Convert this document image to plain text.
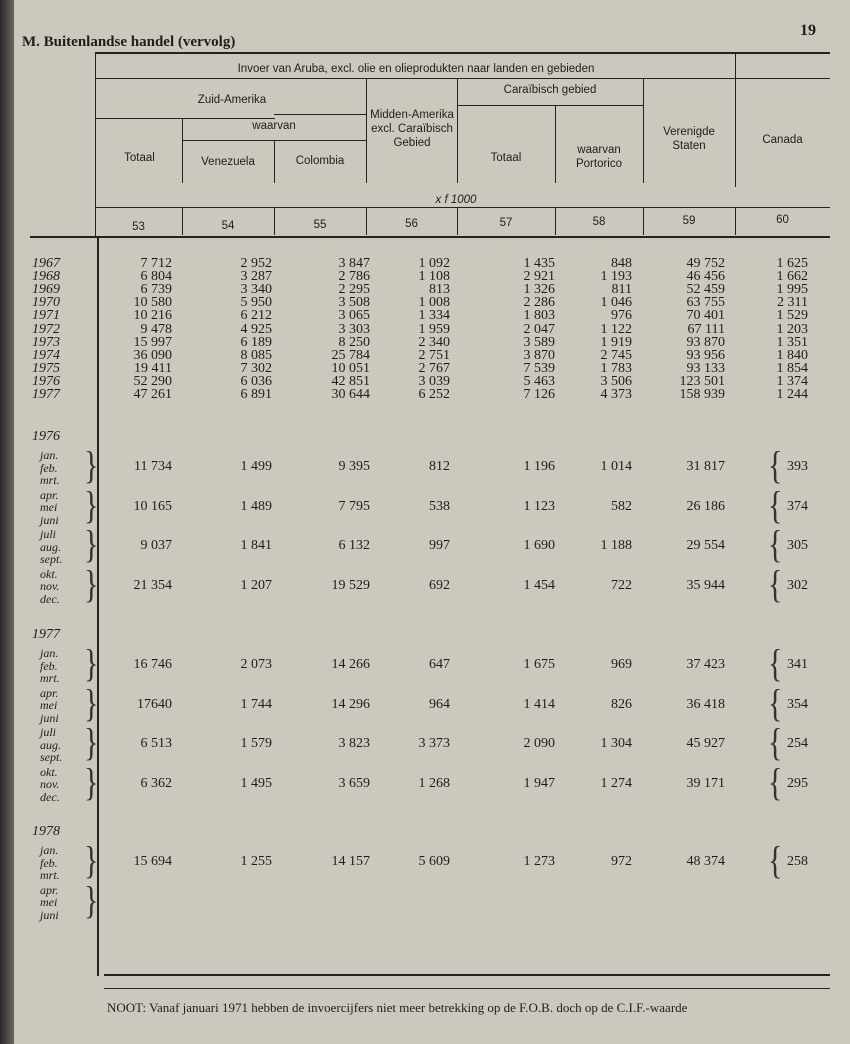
M. Buitenlandse handel (vervolg)
19
Invoer van Aruba, excl. olie en olieprodukten naar landen en gebieden
Zuid-Amerika
waarvan
Totaal	Venezuela	Colombia
Midden-Amerika excl. Caraïbisch Gebied
Caraïbisch gebied
Totaal
waarvan Portorico
Verenigde Staten	Canada
x f 1000
53	54	55	56	57	58	59	60
1967	7 712	2 952	3 847	1 092	1 435	848	49 752	1 625
1968	6 804	3 287	2 786	1 108	2 921	1 193	46 456	1 662
1969	6 739	3 340	2 295	813	1 326	811	52 459	1 995
1970	10 580	5 950	3 508	1 008	2 286	1 046	63 755	2 311
1971	10 216	6 212	3 065	1 334	1 803	976	70 401	1 529
1972	9 478	4 925	3 303	1 959	2 047	1 122	67 111	1 203
1973	15 997	6 189	8 250	2 340	3 589	1 919	93 870	1 351
1974	36 090	8 085	25 784	2 751	3 870	2 745	93 956	1 840
1975	19 411	7 302	10 051	2 767	7 539	1 783	93 133	1 854
1976	52 290	6 036	42 851	3 039	5 463	3 506	123 501	1 374
1977	47 261	6 891	30 644	6 252	7 126	4 373	158 939	1 244
1976
jan.
feb.
mrt. }	11 734	1 499	9 395	812	1 196	1 014	31 817	393
{
apr.
mei
juni }	10 165	1 489	7 795	538	1 123	582	26 186	374
{
juli
aug.
sept. }	9 037	1 841	6 132	997	1 690	1 188	29 554	305
{
okt.
nov.
dec. }	21 354	1 207	19 529	692	1 454	722	35 944	302
{
1977
jan.
feb.
mrt. }	16 746	2 073	14 266	647	1 675	969	37 423	341
{
apr.
mei
juni }	17640	1 744	14 296	964	1 414	826	36 418	354
{
juli
aug.
sept. }	6 513	1 579	3 823	3 373	2 090	1 304	45 927	254
{
okt.
nov.
dec. }	6 362	1 495	3 659	1 268	1 947	1 274	39 171	295
{
1978
jan.
feb.
mrt. }	15 694	1 255	14 157	5 609	1 273	972	48 374	258
{
apr.
mei
juni }
NOOT: Vanaf januari 1971 hebben de invoercijfers niet meer betrekking op de F.O.B. doch op de C.I.F.-waarde
